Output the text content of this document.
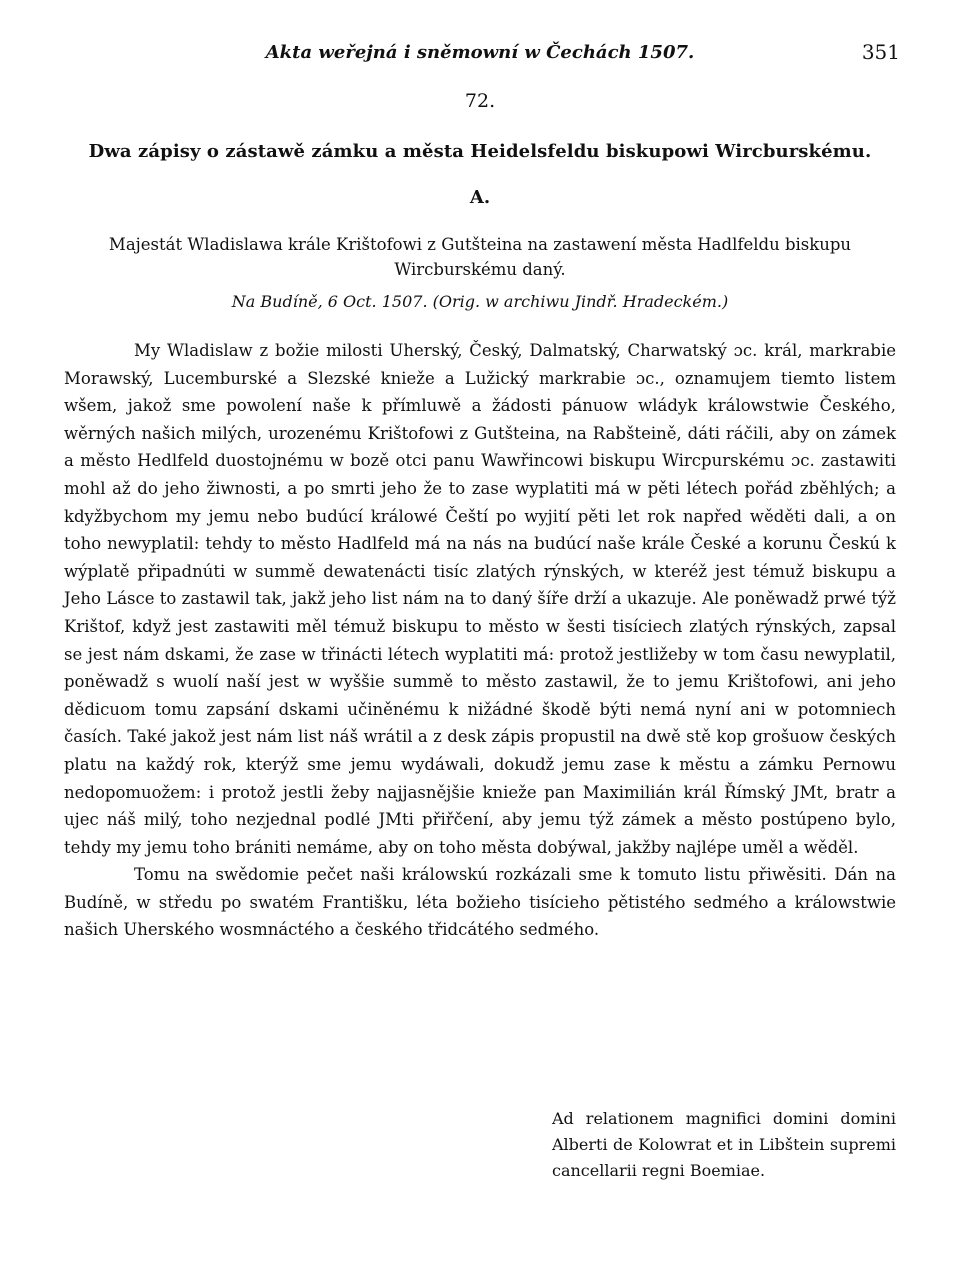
Akta weřejná i sněmowní w Čechách 1507.	351
72.
Dwa zápisy o zástawě zámku a města Heidelsfeldu biskupowi Wircburskému.
A.
Majestát Wladislawa krále Krištofowi z Gutšteina na zastawení města Hadlfeldu biskupu Wircburskému daný.
Na Budíně, 6 Oct. 1507. (Orig. w archiwu Jindř. Hradeckém.)

My Wladislaw z božie milosti Uherský, Český, Dalmatský, Charwatský ɔc. král, markrabie Morawský, Lucemburské a Slezské knieže a Lužický markrabie ɔc., oznamujem tiemto listem wšem, jakož sme powolení naše k přímluwě a žádosti pánuow wládyk králowstwie Českého, wěrných našich milých, urozenému Krištofowi z Gutšteina, na Rabšteině, dáti ráčili, aby on zámek a město Hedlfeld duostojnému w bozě otci panu Wawřincowi biskupu Wircpurskému ɔc. zastawiti mohl až do jeho žiwnosti, a po smrti jeho že to zase wyplatiti má w pěti létech pořád zběhlých; a kdyžbychom my jemu nebo budúcí králowé Čeští po wyjití pěti let rok napřed wěděti dali, a on toho newyplatil: tehdy to město Hadlfeld má na nás na budúcí naše krále České a korunu Českú k wýplatě připadnúti w summě dewatenácti tisíc zlatých rýnských, w kteréž jest témuž biskupu a Jeho Lásce to zastawil tak, jakž jeho list nám na to daný šíře drží a ukazuje. Ale poněwadž prwé týž Krištof, když jest zastawiti měl témuž biskupu to město w šesti tisíciech zlatých rýnských, zapsal se jest nám dskami, že zase w třinácti létech wyplatiti má: protož jestližeby w tom času newyplatil, poněwadž s wuolí naší jest w wyššie summě to město zastawil, že to jemu Krištofowi, ani jeho dědicuom tomu zapsání dskami učiněnému k nižádné škodě býti nemá nyní ani w potomniech časích. Také jakož jest nám list náš wrátil a z desk zápis propustil na dwě stě kop grošuow českých platu na každý rok, kterýž sme jemu wydáwali, dokudž jemu zase k městu a zámku Pernowu nedopomuožem: i protož jestli žeby najjasnějšie knieže pan Maximilián král Římský JMt, bratr a ujec náš milý, toho nezjednal podlé JMti přiřčení, aby jemu týž zámek a město postúpeno bylo, tehdy my jemu toho brániti nemáme, aby on toho města dobýwal, jakžby najlépe uměl a wěděl.

Tomu na swědomie pečet naši králowskú rozkázali sme k tomuto listu přiwěsiti. Dán na Budíně, w středu po swatém Františku, léta božieho tisícieho pětistého sedmého a králowstwie našich Uherského wosmnáctého a českého třidcátého sedmého.

Ad relationem magnifici domini domini Alberti de Kolowrat et in Libštein supremi cancellarii regni Boemiae.
